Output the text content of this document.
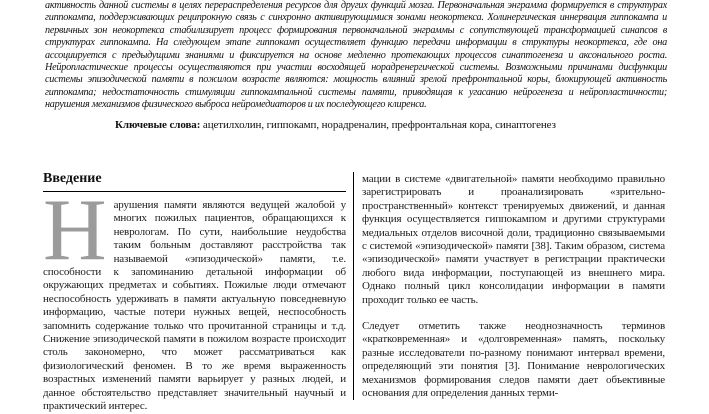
активность данной системы в целях перераспределения ресурсов для других функций мозга. Первоначальная энграмма формируется в структурах гиппокампа, поддерживающих реципрокную связь с синхронно активирующимися зонами неокортекса. Холинергическая иннервация гиппокампа и первичных зон неокортекса стабилизирует процесс формирования первоначальной энграммы с сопутствующей трансформацией синапсов в структурах гиппокампа. На следующем этапе гиппокамп осуществляет функцию передачи информации в структуры неокортекса, где она ассоциируется с предыдущими знаниями и фиксируется на основе медленно протекающих процессов синаптогенеза и аксонального роста. Нейропластические процессы осуществляются при участии восходящей норадренергической системы. Возможными причинами дисфункции системы эпизодической памяти в пожилом возрасте являются: мощность влияний зрелой префронтальной коры, блокирующей активность гиппокампа; недостаточность стимуляции гиппокампальной системы памяти, приводящая к угасанию нейрогенеза и нейропластичности; нарушения механизмов физического выброса нейромедиаторов и их последующего клиренса.

Ключевые слова: ацетилхолин, гиппокамп, норадреналин, префронтальная кора, синаптогенез

Введение

Нарушения памяти являются ведущей жалобой у многих пожилых пациентов, обращающихся к неврологам. По сути, наибольшие неудобства таким больным доставляют расстройства так называемой «эпизодической» памяти, т.е. способности к запоминанию детальной информации об окружающих предметах и событиях. Пожилые люди отмечают неспособность удерживать в памяти актуальную повседневную информацию, частые потери нужных вещей, неспособность запомнить содержание только что прочитанной страницы и т.д. Снижение эпизодической памяти в пожилом возрасте происходит столь закономерно, что может рассматриваться как физиологический феномен. В то же время выраженность возрастных изменений памяти варьирует у разных людей, и данное обстоятельство представляет значительный научный и практический интерес.

мации в системе «двигательной» памяти необходимо правильно зарегистрировать и проанализировать «зрительно-пространственный» контекст тренируемых движений, и данная функция осуществляется гиппокампом и другими структурами медиальных отделов височной доли, традиционно связываемыми с системой «эпизодической» памяти [38]. Таким образом, система «эпизодической» памяти участвует в регистрации практически любого вида информации, поступающей из внешнего мира. Однако полный цикл консолидации информации в памяти проходит только ее часть.

Следует отметить также неоднозначность терминов «кратковременная» и «долговременная» память, поскольку разные исследователи по-разному понимают интервал времени, определяющий эти понятия [3]. Понимание неврологических механизмов формирования следов памяти дает объективные основания для определения данных терми-
